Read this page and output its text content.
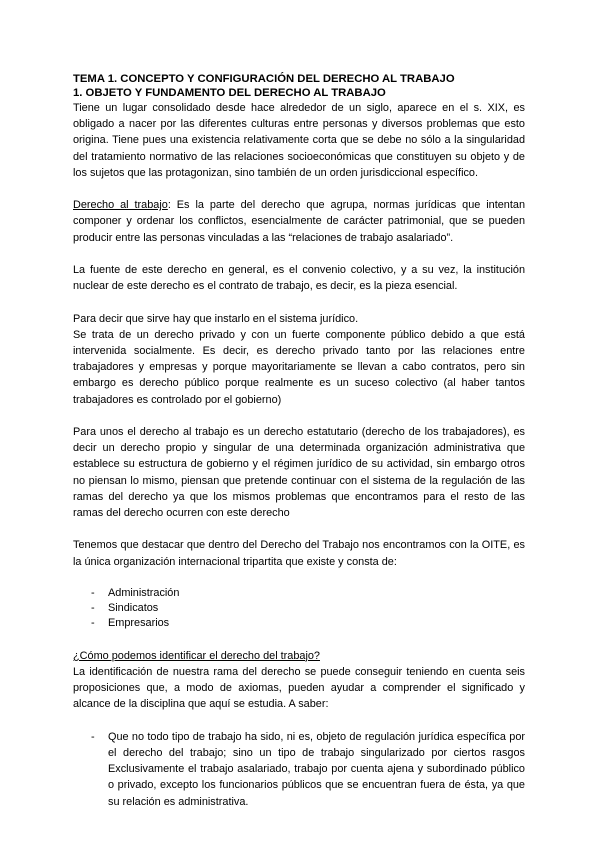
TEMA 1. CONCEPTO Y CONFIGURACIÓN DEL DERECHO AL TRABAJO
1. OBJETO Y FUNDAMENTO DEL DERECHO AL TRABAJO

Tiene un lugar consolidado desde hace alrededor de un siglo, aparece en el s. XIX, es obligado a nacer por las diferentes culturas entre personas y diversos problemas que esto origina. Tiene pues una existencia relativamente corta que se debe no sólo a la singularidad del tratamiento normativo de las relaciones socioeconómicas que constituyen su objeto y de los sujetos que las protagonizan, sino también de un orden jurisdiccional específico.

Derecho al trabajo: Es la parte del derecho que agrupa, normas jurídicas que intentan componer y ordenar los conflictos, esencialmente de carácter patrimonial, que se pueden producir entre las personas vinculadas a las “relaciones de trabajo asalariado”.

La fuente de este derecho en general, es el convenio colectivo, y a su vez, la institución nuclear de este derecho es el contrato de trabajo, es decir, es la pieza esencial.

Para decir que sirve hay que instarlo en el sistema jurídico.

Se trata de un derecho privado y con un fuerte componente público debido a que está intervenida socialmente. Es decir, es derecho privado tanto por las relaciones entre trabajadores y empresas y porque mayoritariamente se llevan a cabo contratos, pero sin embargo es derecho público porque realmente es un suceso colectivo (al haber tantos trabajadores es controlado por el gobierno)

Para unos el derecho al trabajo es un derecho estatutario (derecho de los trabajadores), es decir un derecho propio y singular de una determinada organización administrativa que establece su estructura de gobierno y el régimen jurídico de su actividad, sin embargo otros no piensan lo mismo, piensan que pretende continuar con el sistema de la regulación de las ramas del derecho ya que los mismos problemas que encontramos para el resto de las ramas del derecho ocurren con este derecho

Tenemos que destacar que dentro del Derecho del Trabajo nos encontramos con la OITE, es la única organización internacional tripartita que existe y consta de:

- Administración
- Sindicatos
- Empresarios

¿Cómo podemos identificar el derecho del trabajo?

La identificación de nuestra rama del derecho se puede conseguir teniendo en cuenta seis proposiciones que, a modo de axiomas, pueden ayudar a comprender el significado y alcance de la disciplina que aquí se estudia. A saber:

- Que no todo tipo de trabajo ha sido, ni es, objeto de regulación jurídica específica por el derecho del trabajo; sino un tipo de trabajo singularizado por ciertos rasgos Exclusivamente el trabajo asalariado, trabajo por cuenta ajena y subordinado público o privado, excepto los funcionarios públicos que se encuentran fuera de ésta, ya que su relación es administrativa.
